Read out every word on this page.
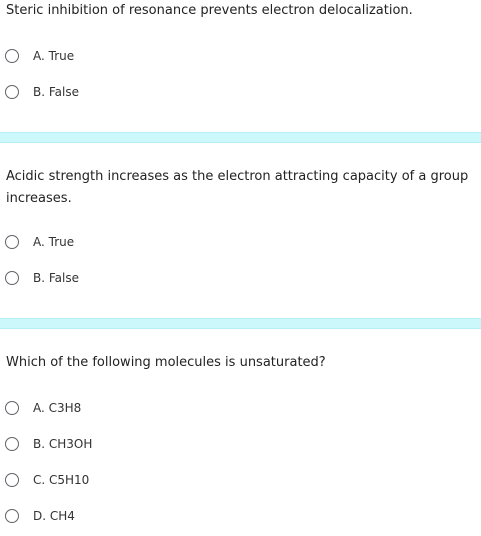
Steric inhibition of resonance prevents electron delocalization.

A. True
B. False

Acidic strength increases as the electron attracting capacity of a group increases.

A. True
B. False

Which of the following molecules is unsaturated?

A. C3H8
B. CH3OH
C. C5H10
D. CH4
